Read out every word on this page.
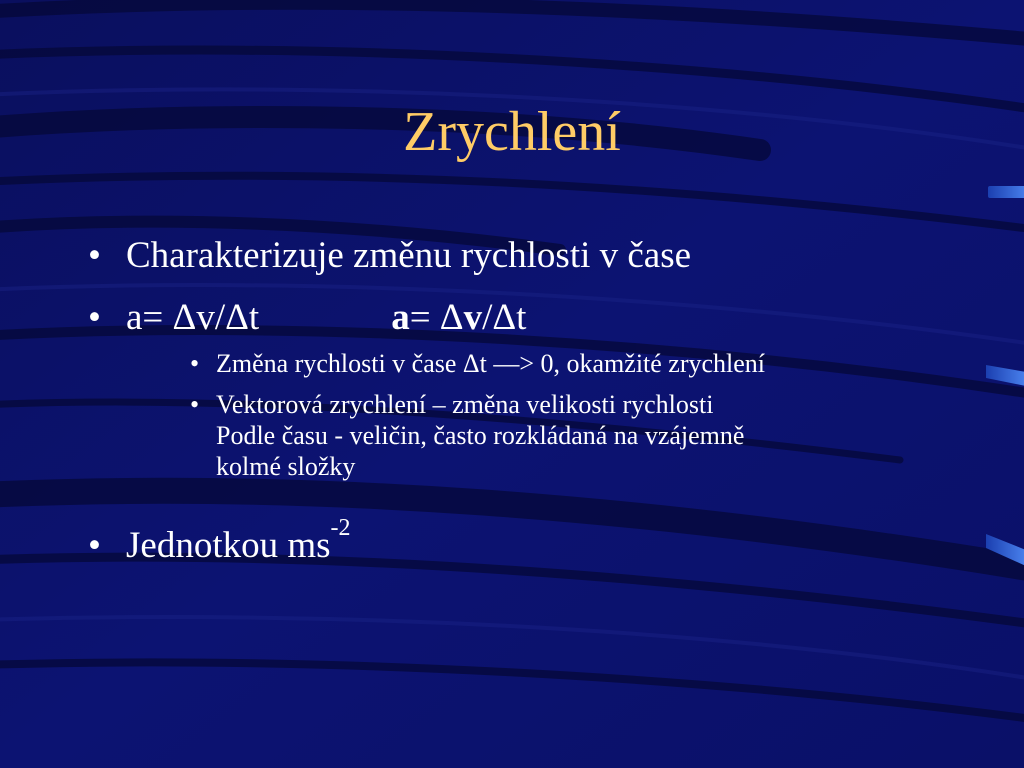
Zrychlení
• Charakterizuje změnu rychlosti v čase
• a= Δv/Δt	a= Δv/Δt
• Změna rychlosti v čase Δt —> 0, okamžité zrychlení
• Vektorová zrychlení – změna velikosti rychlosti
Podle času - veličin, často rozkládaná na vzájemně
kolmé složky
• Jednotkou $ms^{-2}$
